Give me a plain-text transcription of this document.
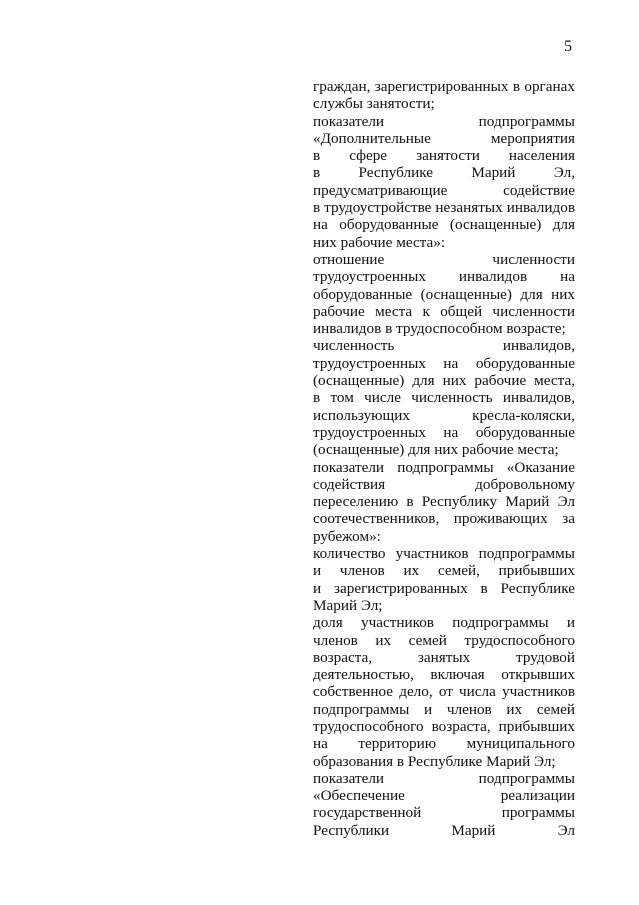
5
граждан, зарегистрированных в органах
службы занятости;
показатели подпрограммы
«Дополнительные мероприятия
в сфере занятости населения
в Республике Марий Эл,
предусматривающие содействие
в трудоустройстве незанятых инвалидов
на оборудованные (оснащенные) для
них рабочие места»:
отношение численности
трудоустроенных инвалидов на
оборудованные (оснащенные) для них
рабочие места к общей численности
инвалидов в трудоспособном возрасте;
численность инвалидов,
трудоустроенных на оборудованные
(оснащенные) для них рабочие места,
в том числе численность инвалидов,
использующих кресла-коляски,
трудоустроенных на оборудованные
(оснащенные) для них рабочие места;
показатели подпрограммы «Оказание
содействия добровольному
переселению в Республику Марий Эл
соотечественников, проживающих за
рубежом»:
количество участников подпрограммы
и членов их семей, прибывших
и зарегистрированных в Республике
Марий Эл;
доля участников подпрограммы и
членов их семей трудоспособного
возраста, занятых трудовой
деятельностью, включая открывших
собственное дело, от числа участников
подпрограммы и членов их семей
трудоспособного возраста, прибывших
на территорию муниципального
образования в Республике Марий Эл;
показатели подпрограммы
«Обеспечение реализации
государственной программы
Республики Марий Эл
